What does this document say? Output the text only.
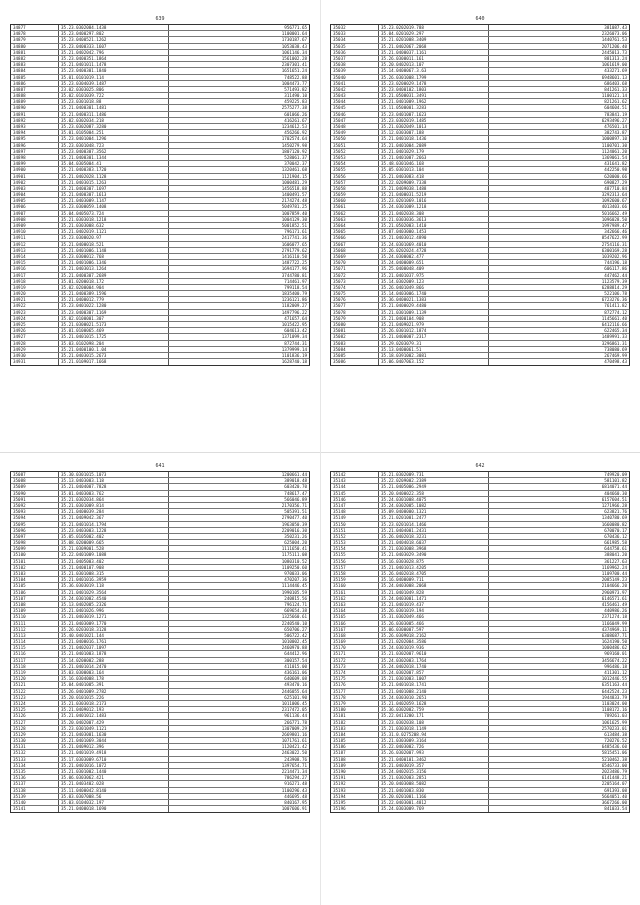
639
34877	35.23.0302084.1438	956771.65
34878	35.23.0400297.802	1100001.64
34879	35.23.0400521.1262	1730187.67
34880	35.23.0400333.1607	1053038.43
34881	35.21.0402042.796	1061146.34
34882	35.23.0400351.1864	1561002.28
34883	35.21.0401011.1478	2307301.41
34884	35.23.0400301.1840	1651651.24
34885	35.01.0101019.114	748522.88
34886	35.23.0304039.1487	1004473.77
34887	23.02.0303025.806	571493.82
34888	35.02.0101039.722	311490.10
34889	35.23.0301018.88	459225.83
34890	35.21.0400301.1481	2575277.38
34891	35.21.0400311.1486	601066.26
34892	35.02.0302034.218	416261.67
34893	35.23.0302087.3280	1234612.53
34894	35.01.0105004.251	456266.92
34895	35.23.0401004.1296	1702574.64
34896	35.23.0301048.723	1450279.98
34897	35.23.0400307.3562	1807120.92
34898	35.21.0400301.1344	528061.37
34899	35.04.0305004.41	370042.37
34900	35.21.0400383.1720	1320461.68
34901	35.21.0402028.1128	1121904.15
34902	35.21.0403015.1263	1000481.29
34903	35.21.0400307.1697	1456518.88
34904	35.21.0400307.1613	1400491.57
34905	35.21.0403009.1147	2174274.48
34906	35.23.0300059.1408	5049781.25
34907	35.04.0405073.724	1007859.40
34908	35.21.0303018.1218	1004129.30
34909	35.21.0303008.632	5001852.51
34910	35.21.0402019.1121	796171.61
34911	35.23.0300020.97	2417741.36
34912	35.21.0400018.521	1606077.65
34913	35.21.0401006.1148	2791779.62
34914	35.23.0300012.768	1416110.50
34915	35.21.0401006.1346	1487722.25
34916	35.21.0403013.1264	1694177.96
34917	35.21.0400307.2689	3744780.81
34918	35.01.0200018.172	714461.97
34919	35.02.0200004.904	799118.54
34920	35.21.0400389.1596	1835400.79
34921	35.21.0400012.779	1236121.86
34922	35.23.0401022.1280	1182009.27
34923	35.23.0400307.1169	1497796.22
34924	35.02.0100001.307	471657.64
34925	35.21.0300021.5173	1015422.95
34926	35.01.0100065.469	604613.42
34927	35.21.0401015.1725	1371099.34
34928	35.03.0102098.204	872744.31
34929	35.21.0400100.1.04	1379999.14
34930	35.21.0403015.2673	1101836.19
34931	35.21.0109017.1668	1628740.18
640
35032	35.23.0202019.788	381087.43
35033	35.04.0201029.297	2326073.06
35034	35.21.0201008.3409	1440761.53
35035	35.21.0402067.2068	2071206.40
35036	35.21.0400037.1161	2445013.73
35037	35.26.0300011.161	881313.24
35038	35.20.0402013.107	1061619.00
35039	35.14.0400067.3.63	433271.69
35040	35.26.0301008.1799	6948601.13
35041	35.23.0200029.1478	686403.68
35042	35.23.0400102.1803	841261.33
35043	35.21.0500031.3491	1100121.14
35044	35.21.0401009.1962	821261.62
35045	35.11.0500001.3283	604604.51
35046	35.23.0401007.1623	783841.19
35047	35.23.0302019.1485	6293496.27
35048	35.21.0302049.1013	476501.14
35049	35.12.0303007.188	382743.87
35050	35.21.0401018.1436	1000897.10
35051	35.21.0401004.2089	1100701.30
35052	35.21.0401029.179	1124061.20
35053	35.21.0401007.2663	1369061.54
35054	35.48.0301046.168	431641.82
35055	35.05.0301013.104	442250.98
35056	35.21.0403083.418	620000.66
35057	35.22.0209009.7338	690827.29
35058	35.21.0409038.1488	487710.84
35059	35.21.0400031.5219	3292313.64
35060	35.23.0201069.1016	1092600.67
35061	35.24.0301009.1218	4013403.66
35062	35.21.0402038.308	5016662.49
35063	35.21.0303036.3613	1096028.50
35064	35.21.0502003.1410	1997989.47
35065	35.07.0403000.1453	342666.46
35066	35.21.0403012.4890	8547622.99
35067	35.24.0301069.4010	2754116.31
35068	35.26.0202024.4728	6300169.28
35069	35.24.0300002.477	1039202.96
35070	35.24.0400009.651	744196.18
35071	35.25.0400048.409	606117.86
35072	35.21.0401037.975	447462.44
35073	35.14.0302009.123	1123579.39
35074	35.26.0401049.866	6288814.29
35075	35.14.0403006.1740	522106.78
35076	35.36.0400021.1383	6723276.36
35077	35.21.0400029.4480	761411.82
35078	35.21.0301009.1139	872774.12
35079	35.21.0400104.908	1145661.40
35080	35.21.0409021.979	6412116.66
35081	35.26.0301012.1874	622465.34
35082	35.21.0400007.2317	1489991.33
35083	35.29.0203079.31	3296861.31
35084	35.13.0400061.51	738080.69
35085	35.18.0391002.3081	267469.99
35086	35.06.0407063.152	470498.43
641
35087	35.30.0301015.1073	1200661.44
35088	35.13.0403003.118	389018.48
35089	35.21.0404007.7828	603420.70
35090	35.01.0403003.762	748617.47
35091	35.21.0302034.864	566046.89
35092	35.21.0301009.814	2170356.71
35093	35.21.0400039.284	505391.51
35094	35.21.0409042.367	2790477.40
35095	35.21.0401014.1794	1963050.39
35096	35.23.0403003.1228	2209016.30
35097	35.05.0105002.402	350231.26
35098	35.08.0200009.665	625004.20
35099	35.21.0309001.528	1111650.41
35100	35.22.0401009.1088	1175111.08
35101	35.21.0405003.402	1080310.52
35102	35.21.0400107.908	1109250.60
35103	35.21.0301008.315	970033.06
35104	35.21.0401016.3959	470207.36
35105	35.36.0303019.118	1114446.45
35106	35.21.0401029.3564	1990105.59
35107	35.24.0301002.4540	240815.56
35108	35.13.0402005.2326	796124.71
35109	35.21.0401026.996	669654.38
35110	35.21.0403019.1271	1325660.61
35111	35.21.0403009.1770	2240540.10
35112	35.26.0203018.3128	650706.27
35113	35.40.0401021.144	506722.42
35114	35.21.0400016.1761	1010002.45
35115	35.21.0402037.1097	2460970.88
35116	35.21.0401003.1878	644412.96
35117	35.14.0200002.288	300157.54
35118	35.21.0401014.2470	411015.00
35119	35.03.0300003.164	436161.06
35120	35.16.0304008.178	640609.08
35121	35.04.0401005.391	493470.16
35122	35.26.0401009.2782	2446055.64
35123	35.20.0101015.226	625101.90
35124	35.21.0303018.2173	1011006.45
35125	35.21.0409012.193	2317472.05
35126	35.21.0401012.1483	961136.44
35127	35.20.0402007.429	266771.78
35128	35.23.0301049.1121	1307009.29
35129	35.21.0403001.1630	2669801.16
35130	35.21.0401069.3044	1071761.61
35131	35.21.0409012.396	1120421.42
35132	35.21.0401019.4918	2463022.50
35133	35.17.0303009.6710	243908.76
35134	35.21.0401016.1072	1397654.71
35135	35.21.0301002.1440	2214471.34
35136	35.06.0303062.421	786294.27
35137	35.21.0403402.028	916271.48
35138	35.11.0400042.8140	1100296.43
35139	35.03.0307008.56	446695.48
35140	35.03.0104032.197	840167.95
35141	35.21.0400018.1690	1007606.91
642
35142	35.21.0302009.731	749920.09
35143	35.22.0209002.2389	581101.82
35144	35.21.0405006.2949	6814071.44
35145	35.20.0400022.358	404660.30
35146	35.24.0301008.4075	6157604.51
35147	35.24.0302005.1082	1271966.28
35148	35.09.0400000.1321	623821.76
35149	35.21.0201001.2477	1340780.69
35150	35.23.0201014.1466	1660080.82
35151	35.21.0404001.2431	670070.17
35152	35.26.0402018.3231	670436.12
35153	35.21.0404018.6037	661985.58
35154	35.21.0303008.3968	644758.61
35155	35.21.0403029.3490	388041.20
35156	35.16.0303028.875	361227.63
35157	35.21.0401013.4205	1169962.24
35158	35.26.0402018.4705	1109700.44
35159	35.16.0400009.711	2085149.23
35160	35.24.0403008.2068	2104666.20
35161	35.21.0401049.828	2960973.97
35162	35.24.0403001.1471	6146571.61
35163	35.21.0401019.437	4156461.49
35164	35.26.0301019.194	440986.26
35165	35.31.0302049.466	2371274.18
35166	35.26.0303005.466	1166049.99
35167	35.06.0300007.597	4374969.11
35168	35.26.0309018.2162	6308687.71
35169	35.21.0202004.3586	1624190.50
35170	35.24.0301019.936	1000486.62
35171	35.21.0302007.9610	969160.01
35172	35.24.0302003.1764	3456674.22
35173	35.24.0402018.1740	996486.18
35174	35.24.0302007.857	411301.12
35175	35.21.0301003.1007	1012446.55
35176	35.21.0401018.1741	6351163.44
35177	35.21.0401008.2140	6442524.23
35178	35.24.0303010.2651	1944833.79
35179	35.21.0402059.1628	1103024.00
35180	35.36.0302002.759	1108172.16
35181	35.22.0413200.171	789261.03
35182	35.23.0302038.108	1061625.99
35183	35.21.0303018.1149	2570233.01
35184	35.31.0.0275208.94	613484.38
35185	35.21.0303009.3164	720276.52
35186	35.22.0403002.726	6485436.60
35187	35.26.0302007.993	5815451.06
35188	35.21.0400101.3462	5210462.38
35189	35.21.0403019.357	6546733.00
35190	35.24.0402015.3156	2023486.79
35191	35.21.0302003.2851	6141448.21
35192	35.20.0403008.5082	2205164.07
35193	35.21.0401003.830	691393.08
35194	35.20.0201001.1166	5664051.40
35195	35.22.0403001.4812	3667266.00
35196	35.24.0303009.769	841033.54
